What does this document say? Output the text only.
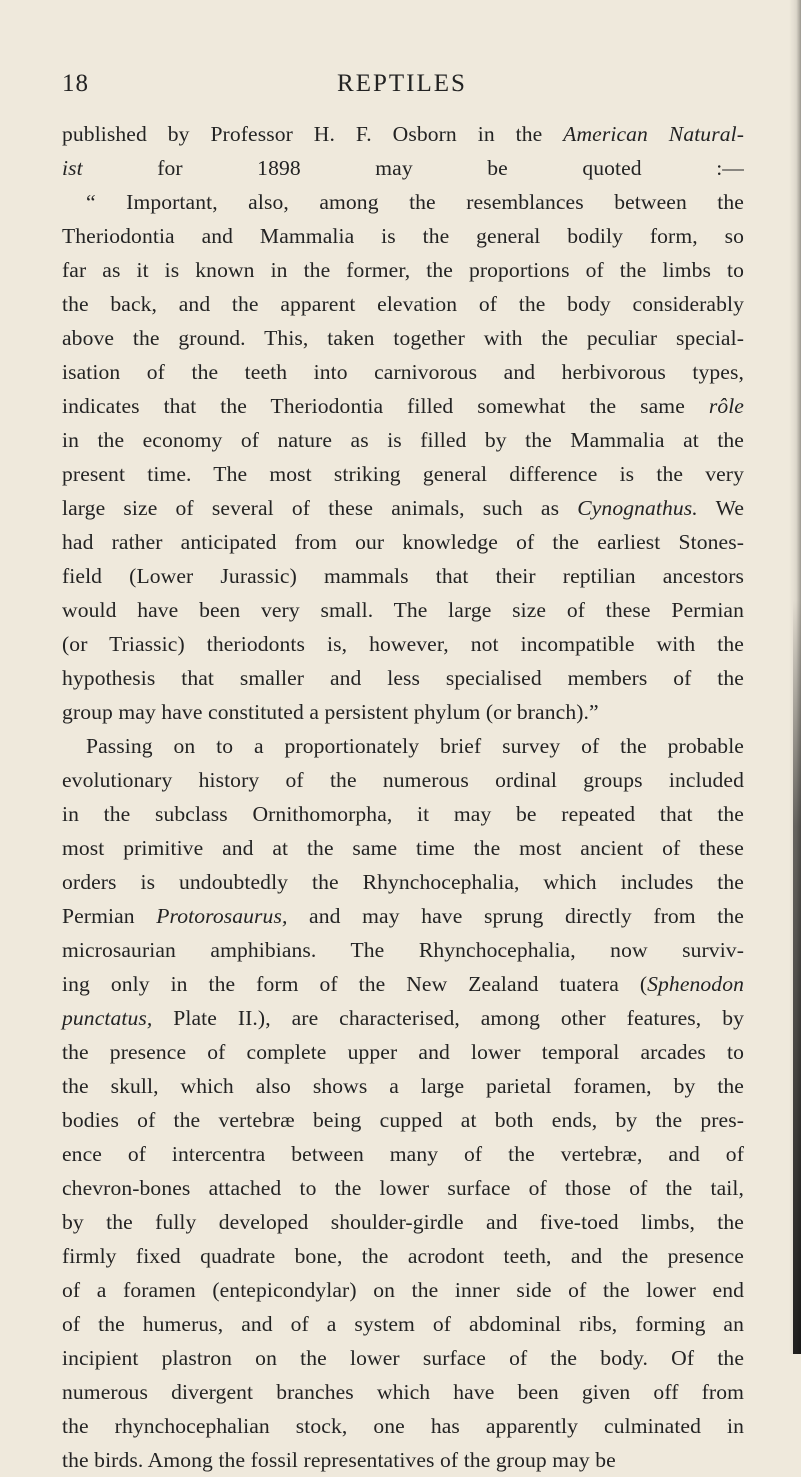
REPTILES
18
published by Professor H. F. Osborn in the American Natural-
ist for 1898 may be quoted :—
“ Important, also, among the resemblances between the
Theriodontia and Mammalia is the general bodily form, so
far as it is known in the former, the proportions of the limbs to
the back, and the apparent elevation of the body considerably
above the ground. This, taken together with the peculiar special-
isation of the teeth into carnivorous and herbivorous types,
indicates that the Theriodontia filled somewhat the same rôle
in the economy of nature as is filled by the Mammalia at the
present time. The most striking general difference is the very
large size of several of these animals, such as Cynognathus. We
had rather anticipated from our knowledge of the earliest Stones-
field (Lower Jurassic) mammals that their reptilian ancestors
would have been very small. The large size of these Permian
(or Triassic) theriodonts is, however, not incompatible with the
hypothesis that smaller and less specialised members of the
group may have constituted a persistent phylum (or branch).”
Passing on to a proportionately brief survey of the probable
evolutionary history of the numerous ordinal groups included
in the subclass Ornithomorpha, it may be repeated that the
most primitive and at the same time the most ancient of these
orders is undoubtedly the Rhynchocephalia, which includes the
Permian Protorosaurus, and may have sprung directly from the
microsaurian amphibians. The Rhynchocephalia, now surviv-
ing only in the form of the New Zealand tuatera (Sphenodon
punctatus, Plate II.), are characterised, among other features, by
the presence of complete upper and lower temporal arcades to
the skull, which also shows a large parietal foramen, by the
bodies of the vertebræ being cupped at both ends, by the pres-
ence of intercentra between many of the vertebræ, and of
chevron-bones attached to the lower surface of those of the tail,
by the fully developed shoulder-girdle and five-toed limbs, the
firmly fixed quadrate bone, the acrodont teeth, and the presence
of a foramen (entepicondylar) on the inner side of the lower end
of the humerus, and of a system of abdominal ribs, forming an
incipient plastron on the lower surface of the body. Of the
numerous divergent branches which have been given off from
the rhynchocephalian stock, one has apparently culminated in
the birds. Among the fossil representatives of the group may be
